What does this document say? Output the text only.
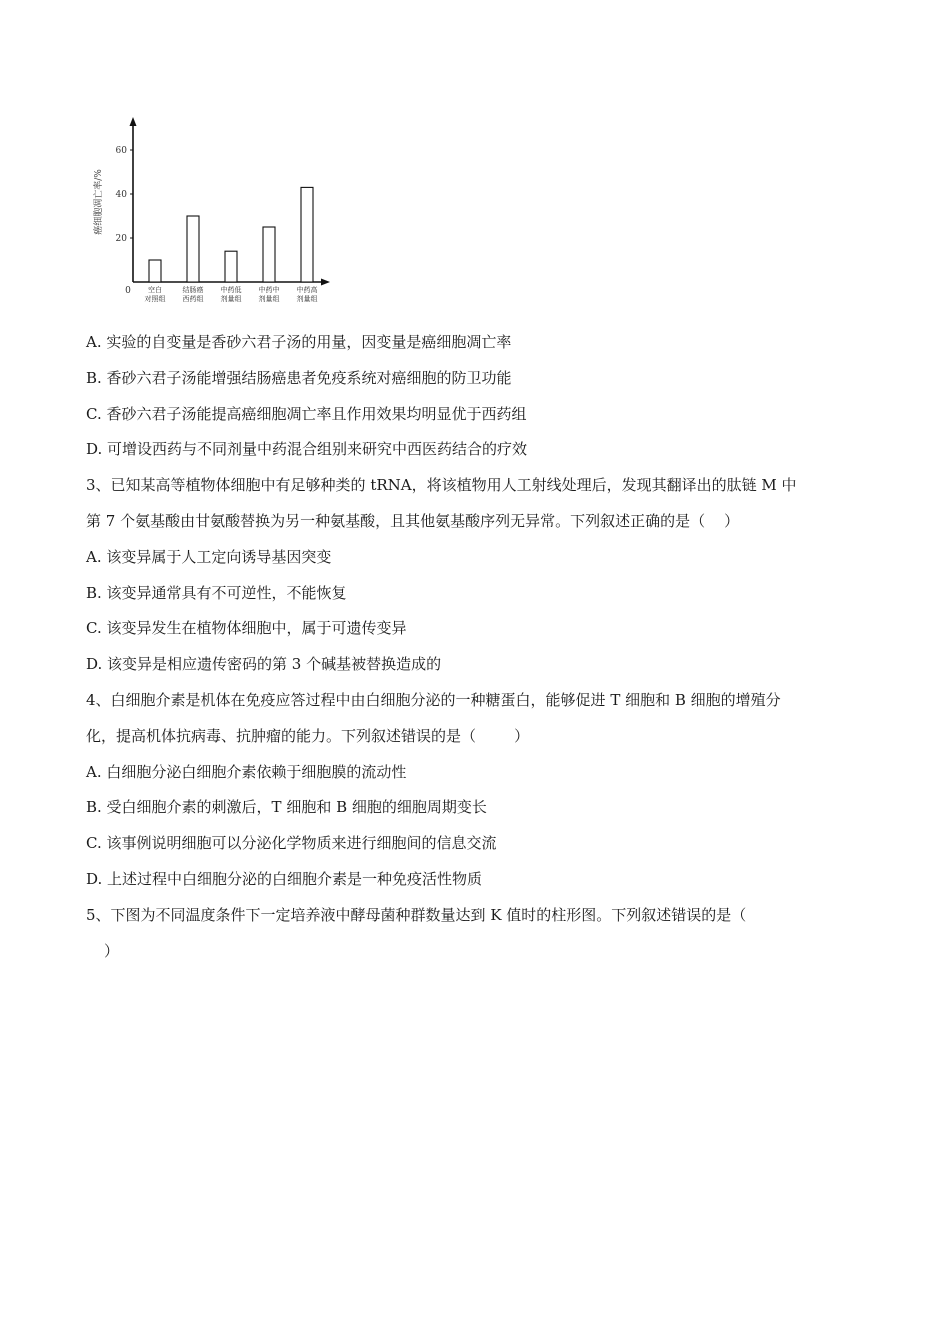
癌细胞凋亡率/%
0
20
40
60
空白
对照组
结肠癌
西药组
中药低
剂量组
中药中
剂量组
中药高
剂量组
A. 实验的自变量是香砂六君子汤的用量，因变量是癌细胞凋亡率
B. 香砂六君子汤能增强结肠癌患者免疫系统对癌细胞的防卫功能
C. 香砂六君子汤能提高癌细胞凋亡率且作用效果均明显优于西药组
D. 可增设西药与不同剂量中药混合组别来研究中西医药结合的疗效
3、已知某高等植物体细胞中有足够种类的 tRNA，将该植物用人工射线处理后，发现其翻译出的肽链 M 中
第 7 个氨基酸由甘氨酸替换为另一种氨基酸，且其他氨基酸序列无异常。下列叙述正确的是（    ）
A. 该变异属于人工定向诱导基因突变
B. 该变异通常具有不可逆性，不能恢复
C. 该变异发生在植物体细胞中，属于可遗传变异
D. 该变异是相应遗传密码的第 3 个碱基被替换造成的
4、白细胞介素是机体在免疫应答过程中由白细胞分泌的一种糖蛋白，能够促进 T 细胞和 B 细胞的增殖分
化，提高机体抗病毒、抗肿瘤的能力。下列叙述错误的是（        ）
A. 白细胞分泌白细胞介素依赖于细胞膜的流动性
B. 受白细胞介素的刺激后，T 细胞和 B 细胞的细胞周期变长
C. 该事例说明细胞可以分泌化学物质来进行细胞间的信息交流
D. 上述过程中白细胞分泌的白细胞介素是一种免疫活性物质
5、下图为不同温度条件下一定培养液中酵母菌种群数量达到 K 值时的柱形图。下列叙述错误的是（
）
